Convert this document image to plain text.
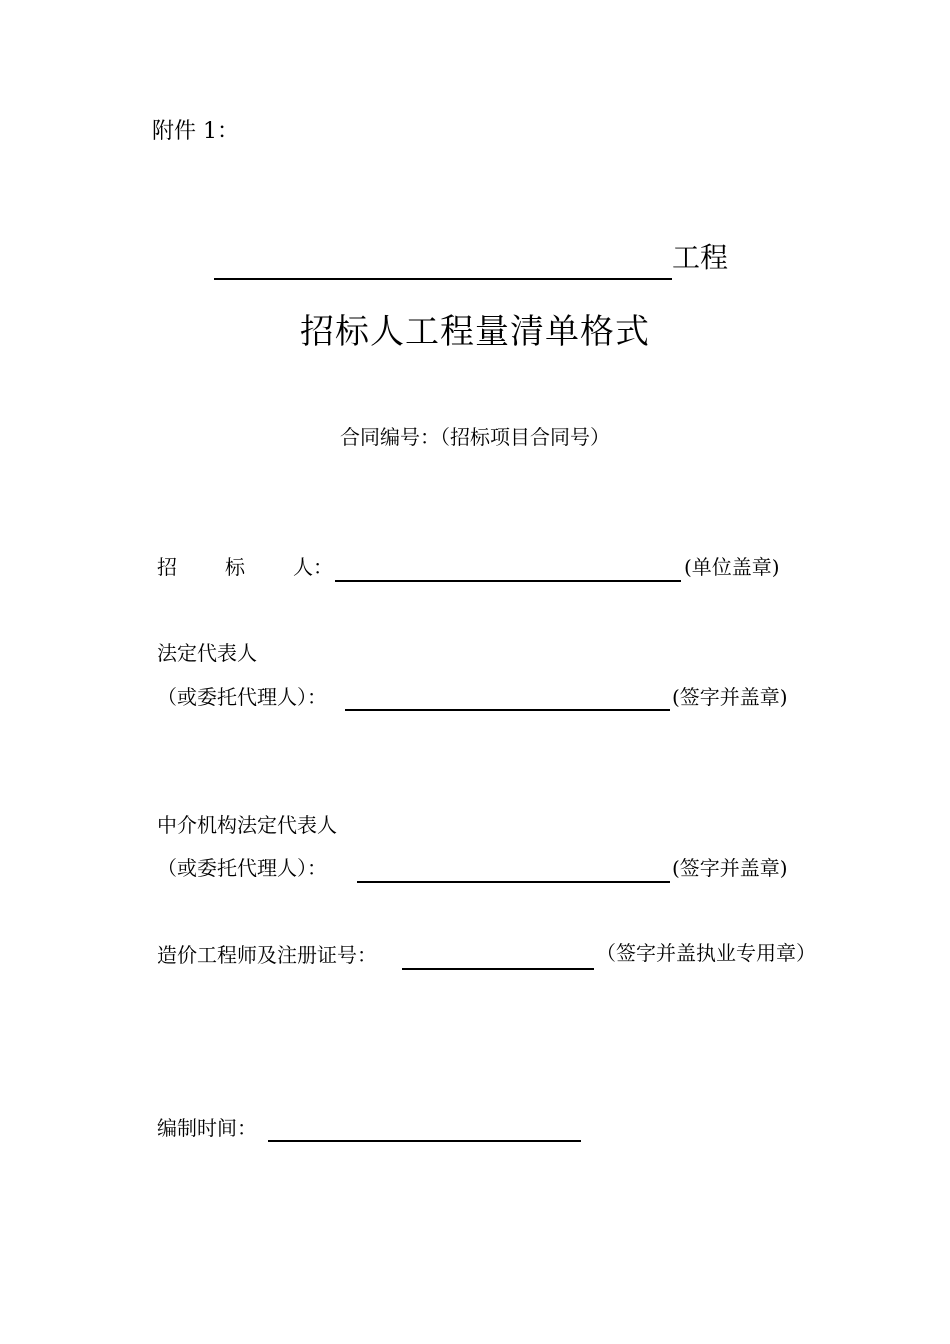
附件 1：
工程
招标人工程量清单格式
合同编号：（招标项目合同号）
招 标 人：	(单位盖章)
法定代表人
（或委托代理人）：	(签字并盖章)
中介机构法定代表人
（或委托代理人）：	(签字并盖章)
造价工程师及注册证号：	（签字并盖执业专用章）
编制时间：
